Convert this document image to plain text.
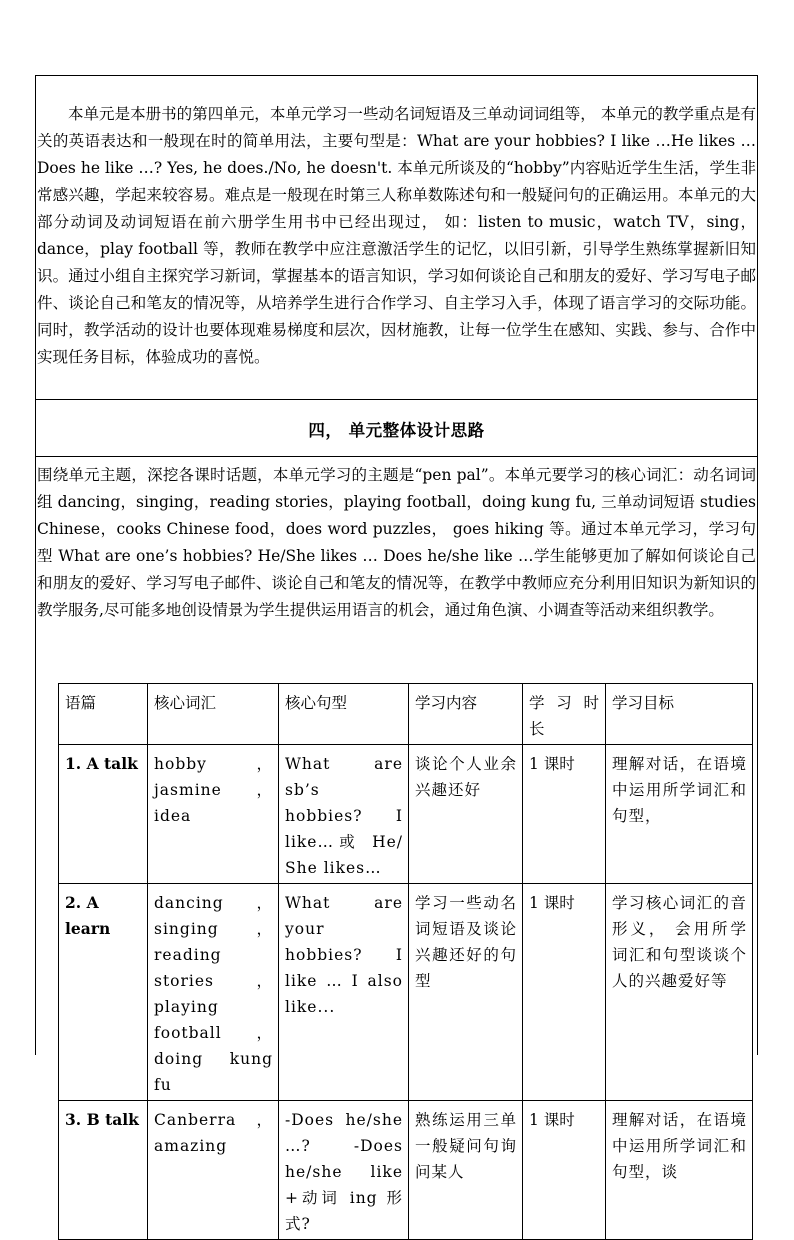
本单元是本册书的第四单元，本单元学习一些动名词短语及三单动词词组等， 本单元的教学重点是有关的英语表达和一般现在时的简单用法，主要句型是：What are your hobbies? I like …He likes … Does he like …? Yes, he does./No, he doesn't. 本单元所谈及的“hobby”内容贴近学生生活，学生非常感兴趣，学起来较容易。难点是一般现在时第三人称单数陈述句和一般疑问句的正确运用。本单元的大部分动词及动词短语在前六册学生用书中已经出现过， 如：listen to music，watch TV，sing，dance，play football 等，教师在教学中应注意激活学生的记忆，以旧引新，引导学生熟练掌握新旧知识。通过小组自主探究学习新词，掌握基本的语言知识，学习如何谈论自己和朋友的爱好、学习写电子邮件、谈论自己和笔友的情况等，从培养学生进行合作学习、自主学习入手，体现了语言学习的交际功能。同时，教学活动的设计也要体现难易梯度和层次，因材施教，让每一位学生在感知、实践、参与、合作中实现任务目标，体验成功的喜悦。
四， 单元整体设计思路
围绕单元主题，深挖各课时话题，本单元学习的主题是“pen pal”。本单元要学习的核心词汇：动名词词组 dancing，singing，reading stories，playing football，doing kung fu, 三单动词短语 studies Chinese，cooks Chinese food，does word puzzles， goes hiking 等。通过本单元学习，学习句型 What are one’s hobbies? He/She likes … Does he/she like …学生能够更加了解如何谈论自己和朋友的爱好、学习写电子邮件、谈论自己和笔友的情况等，在教学中教师应充分利用旧知识为新知识的教学服务,尽可能多地创设情景为学生提供运用语言的机会，通过角色演、小调查等活动来组织教学。
语篇	核心词汇	核心句型	学习内容	学 习 时 长	学习目标
1. A talk	hobby ， jasmine ， idea	What are sb’s hobbies? I like…或 He/ She likes…	谈论个人业余兴趣还好	1 课时	理解对话，在语境中运用所学词汇和句型，
2. A learn	dancing ， singing ， reading stories，playing football，doing kung fu	What are your hobbies? I like … I also like...	学习一些动名词短语及谈论兴趣还好的句型	1 课时	学习核心词汇的音形义， 会用所学词汇和句型谈谈个人的兴趣爱好等
3. B talk	Canberra ， amazing	-Does he/she …? -Does he/she like +动词 ing 形式?	熟练运用三单一般疑问句询问某人	1 课时	理解对话，在语境中运用所学词汇和句型，谈
